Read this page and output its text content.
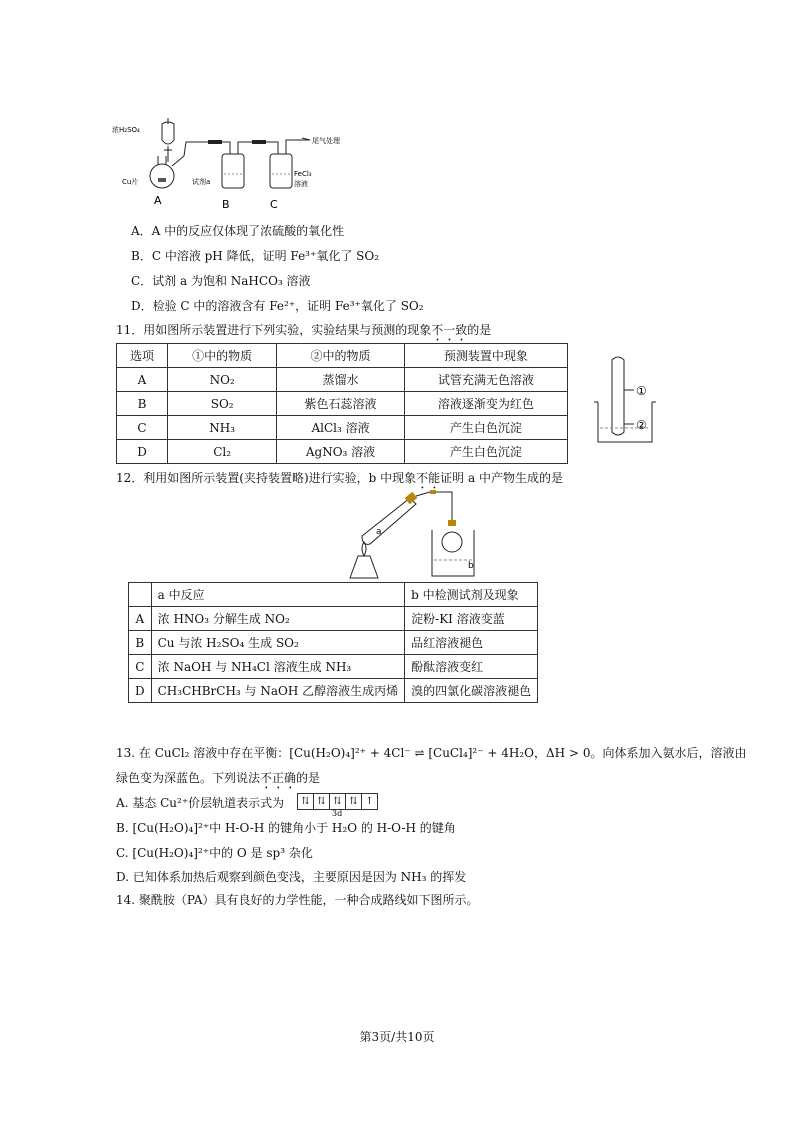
浓H₂SO₄
Cu片	试剂a
FeCl₃
溶液
尾气处理
A	B	C
A．A 中的反应仅体现了浓硫酸的氧化性
B．C 中溶液 pH 降低，证明 Fe³⁺氧化了 SO₂
C．试剂 a 为饱和 NaHCO₃ 溶液
D．检验 C 中的溶液含有 Fe²⁺，证明 Fe³⁺氧化了 SO₂
11．用如图所示装置进行下列实验，实验结果与预测的现象不一致的是
选项	①中的物质	②中的物质	预测装置中现象
A	NO₂	蒸馏水	试管充满无色溶液
B	SO₂	紫色石蕊溶液	溶液逐渐变为红色
C	NH₃	AlCl₃ 溶液	产生白色沉淀
D	Cl₂	AgNO₃ 溶液	产生白色沉淀
①
②
12．利用如图所示装置(夹持装置略)进行实验，b 中现象不能证明 a 中产物生成的是
a
b
	a 中反应	b 中检测试剂及现象
A	浓 HNO₃ 分解生成 NO₂	淀粉-KI 溶液变蓝
B	Cu 与浓 H₂SO₄ 生成 SO₂	品红溶液褪色
C	浓 NaOH 与 NH₄Cl 溶液生成 NH₃	酚酞溶液变红
D	CH₃CHBrCH₃ 与 NaOH 乙醇溶液生成丙烯	溴的四氯化碳溶液褪色
13. 在 CuCl₂ 溶液中存在平衡：[Cu(H₂O)₄]²⁺ + 4Cl⁻ ⇌ [CuCl₄]²⁻ + 4H₂O，ΔH > 0。向体系加入氨水后，溶液由
绿色变为深蓝色。下列说法不正确的是
A. 基态 Cu²⁺价层轨道表示式为	⇅ ⇅ ⇅ ⇅ ↑
3d
B. [Cu(H₂O)₄]²⁺中 H-O-H 的键角小于 H₂O 的 H-O-H 的键角
C. [Cu(H₂O)₄]²⁺中的 O 是 sp³ 杂化
D. 已知体系加热后观察到颜色变浅，主要原因是因为 NH₃ 的挥发
14. 聚酰胺（PA）具有良好的力学性能，一种合成路线如下图所示。
第3页/共10页
